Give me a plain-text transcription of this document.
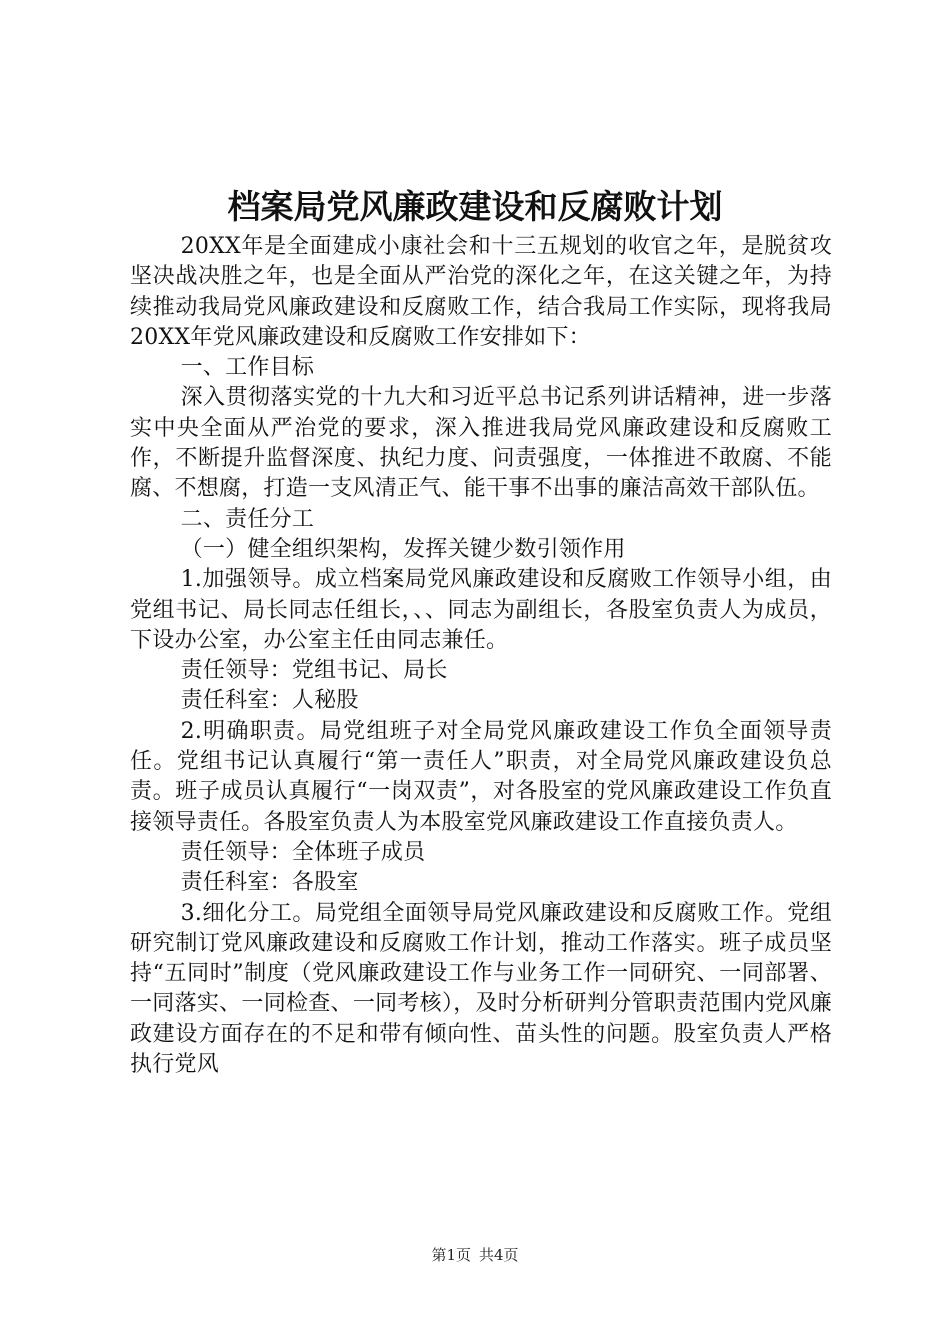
档案局党风廉政建设和反腐败计划

20XX年是全面建成小康社会和十三五规划的收官之年，是脱贫攻坚决战决胜之年，也是全面从严治党的深化之年，在这关键之年，为持续推动我局党风廉政建设和反腐败工作，结合我局工作实际，现将我局20XX年党风廉政建设和反腐败工作安排如下：

一、工作目标

深入贯彻落实党的十九大和习近平总书记系列讲话精神，进一步落实中央全面从严治党的要求，深入推进我局党风廉政建设和反腐败工作，不断提升监督深度、执纪力度、问责强度，一体推进不敢腐、不能腐、不想腐，打造一支风清正气、能干事不出事的廉洁高效干部队伍。

二、责任分工

（一）健全组织架构，发挥关键少数引领作用

1.加强领导。成立档案局党风廉政建设和反腐败工作领导小组，由党组书记、局长同志任组长，、、同志为副组长，各股室负责人为成员，下设办公室，办公室主任由同志兼任。

责任领导：党组书记、局长

责任科室：人秘股

2.明确职责。局党组班子对全局党风廉政建设工作负全面领导责任。党组书记认真履行“第一责任人”职责，对全局党风廉政建设负总责。班子成员认真履行“一岗双责”，对各股室的党风廉政建设工作负直接领导责任。各股室负责人为本股室党风廉政建设工作直接负责人。

责任领导：全体班子成员

责任科室：各股室

3.细化分工。局党组全面领导局党风廉政建设和反腐败工作。党组研究制订党风廉政建设和反腐败工作计划，推动工作落实。班子成员坚持“五同时”制度（党风廉政建设工作与业务工作一同研究、一同部署、一同落实、一同检查、一同考核），及时分析研判分管职责范围内党风廉政建设方面存在的不足和带有倾向性、苗头性的问题。股室负责人严格执行党风

第1页 共4页
